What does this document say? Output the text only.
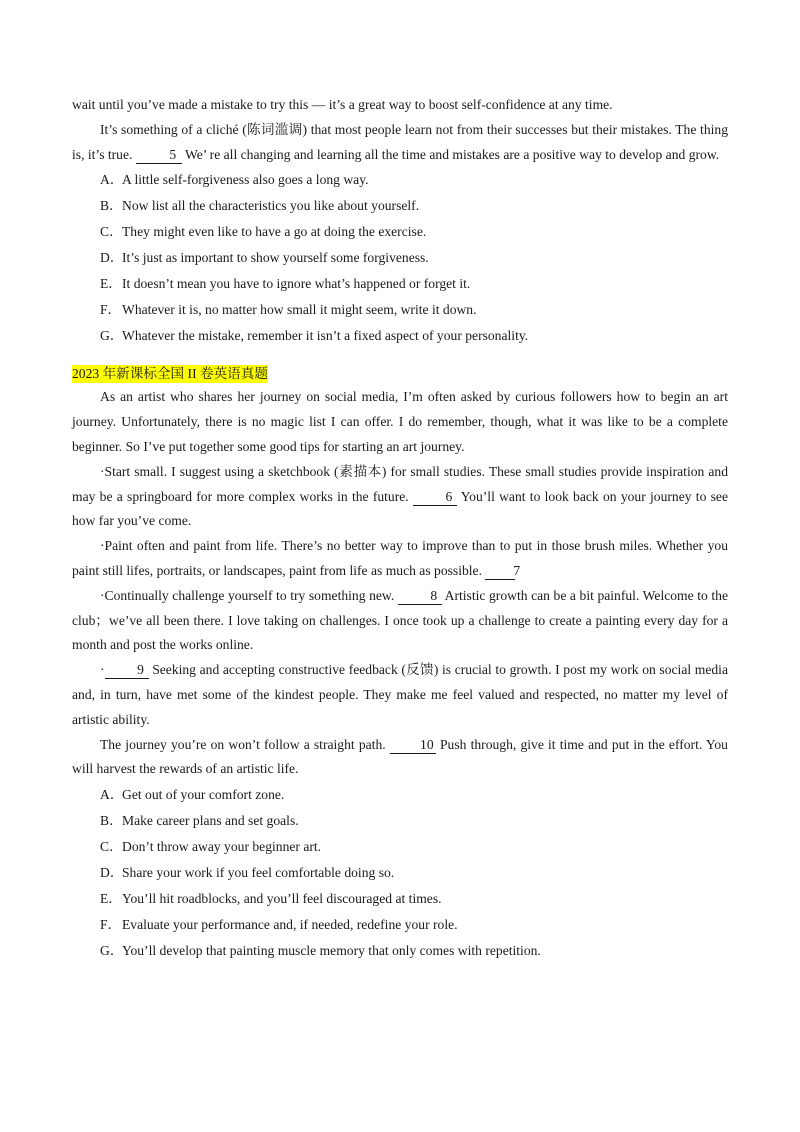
wait until you’ve made a mistake to try this — it’s a great way to boost self-confidence at any time.

It’s something of a cliché (陈词滥调) that most people learn not from their successes but their mistakes. The thing is, it’s true.	5 We’ re all changing and learning all the time and mistakes are a positive way to develop and grow.

A．A little self-forgiveness also goes a long way.

B．Now list all the characteristics you like about yourself.

C．They might even like to have a go at doing the exercise.

D．It’s just as important to show yourself some forgiveness.

E．It doesn’t mean you have to ignore what’s happened or forget it.

F．Whatever it is, no matter how small it might seem, write it down.

G．Whatever the mistake, remember it isn’t a fixed aspect of your personality.

2023 年新课标全国 II 卷英语真题

As an artist who shares her journey on social media, I’m often asked by curious followers how to begin an art journey. Unfortunately, there is no magic list I can offer. I do remember, though, what it was like to be a complete beginner. So I’ve put together some good tips for starting an art journey.

·Start small. I suggest using a sketchbook (素描本) for small studies. These small studies provide inspiration and may be a springboard for more complex works in the future.	6 You’ll want to look back on your journey to see how far you’ve come.

·Paint often and paint from life. There’s no better way to improve than to put in those brush miles. Whether you paint still lifes, portraits, or landscapes, paint from life as much as possible. 7

·Continually challenge yourself to try something new.	8 Artistic growth can be a bit painful. Welcome to the club；we’ve all been there. I love taking on challenges. I once took up a challenge to create a painting every day for a month and post the works online.

· 9 Seeking and accepting constructive feedback (反馈) is crucial to growth. I post my work on social media and, in turn, have met some of the kindest people. They make me feel valued and respected, no matter my level of artistic ability.

The journey you’re on won’t follow a straight path.	10 Push through, give it time and put in the effort. You will harvest the rewards of an artistic life.

A．Get out of your comfort zone.

B．Make career plans and set goals.

C．Don’t throw away your beginner art.

D．Share your work if you feel comfortable doing so.

E．You’ll hit roadblocks, and you’ll feel discouraged at times.

F．Evaluate your performance and, if needed, redefine your role.

G．You’ll develop that painting muscle memory that only comes with repetition.
